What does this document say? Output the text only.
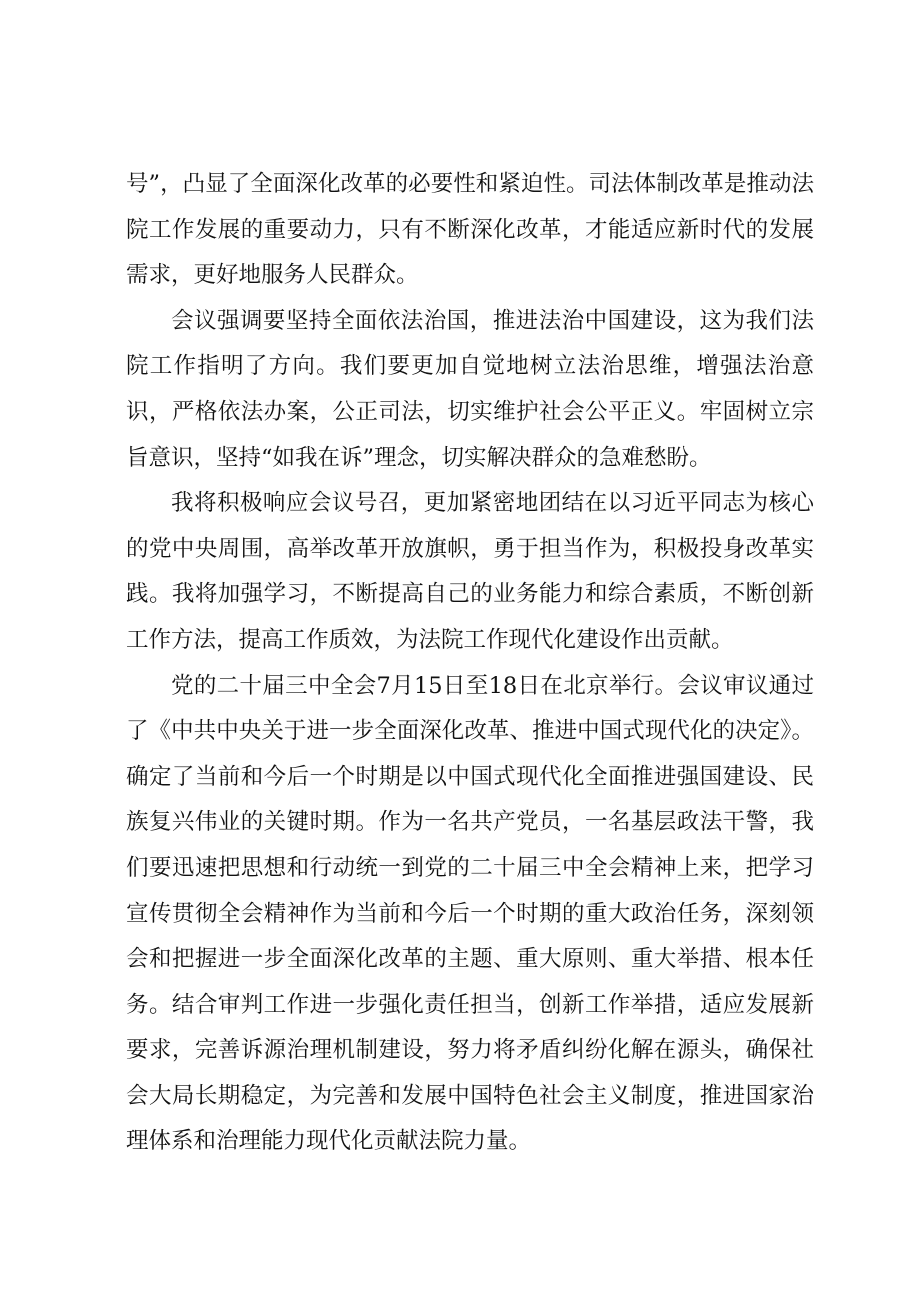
号”，凸显了全面深化改革的必要性和紧迫性。司法体制改革是推动法院工作发展的重要动力，只有不断深化改革，才能适应新时代的发展需求，更好地服务人民群众。

会议强调要坚持全面依法治国，推进法治中国建设，这为我们法院工作指明了方向。我们要更加自觉地树立法治思维，增强法治意识，严格依法办案，公正司法，切实维护社会公平正义。牢固树立宗旨意识，坚持“如我在诉”理念，切实解决群众的急难愁盼。

我将积极响应会议号召，更加紧密地团结在以习近平同志为核心的党中央周围，高举改革开放旗帜，勇于担当作为，积极投身改革实践。我将加强学习，不断提高自己的业务能力和综合素质，不断创新工作方法，提高工作质效，为法院工作现代化建设作出贡献。

党的二十届三中全会7月15日至18日在北京举行。会议审议通过了《中共中央关于进一步全面深化改革、推进中国式现代化的决定》。确定了当前和今后一个时期是以中国式现代化全面推进强国建设、民族复兴伟业的关键时期。作为一名共产党员，一名基层政法干警，我们要迅速把思想和行动统一到党的二十届三中全会精神上来，把学习宣传贯彻全会精神作为当前和今后一个时期的重大政治任务，深刻领会和把握进一步全面深化改革的主题、重大原则、重大举措、根本任务。结合审判工作进一步强化责任担当，创新工作举措，适应发展新要求，完善诉源治理机制建设，努力将矛盾纠纷化解在源头，确保社会大局长期稳定，为完善和发展中国特色社会主义制度，推进国家治理体系和治理能力现代化贡献法院力量。
